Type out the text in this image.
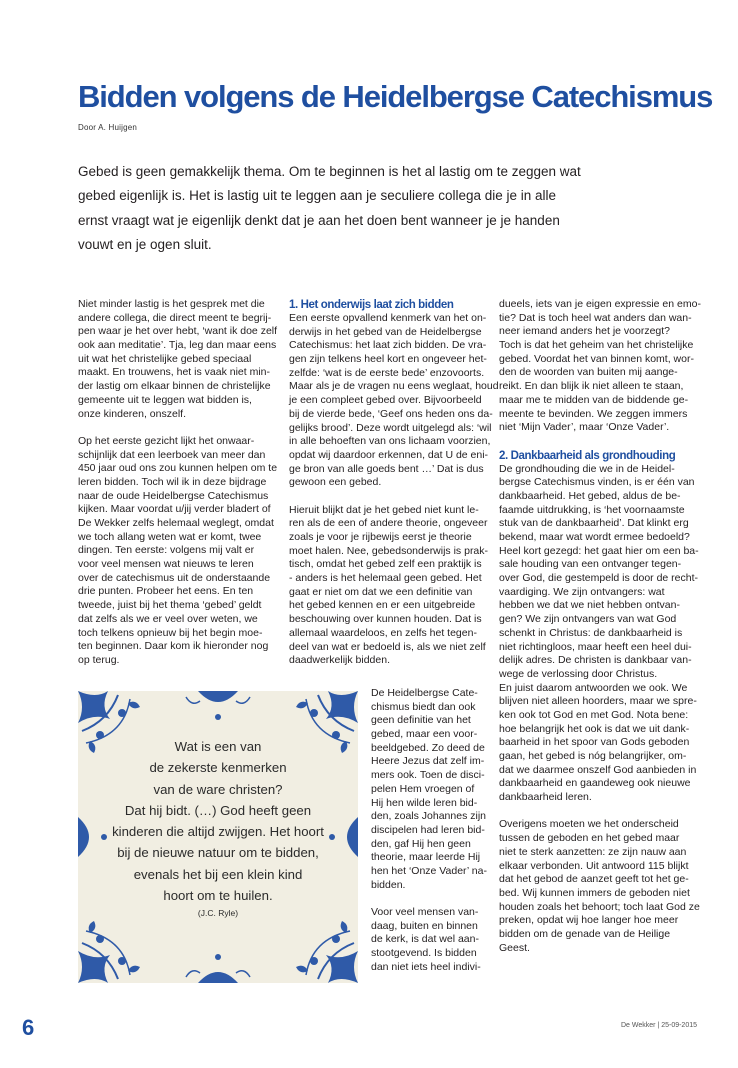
Bidden volgens de Heidelbergse Catechismus
Door A. Huijgen
Gebed is geen gemakkelijk thema. Om te beginnen is het al lastig om te zeggen wat
gebed eigenlijk is. Het is lastig uit te leggen aan je seculiere collega die je in alle
ernst vraagt wat je eigenlijk denkt dat je aan het doen bent wanneer je je handen
vouwt en je ogen sluit.
Niet minder lastig is het gesprek met die
andere collega, die direct meent te begrij-
pen waar je het over hebt, ‘want ik doe zelf
ook aan meditatie’. Tja, leg dan maar eens
uit wat het christelijke gebed speciaal
maakt. En trouwens, het is vaak niet min-
der lastig om elkaar binnen de christelijke
gemeente uit te leggen wat bidden is,
onze kinderen, onszelf.
Op het eerste gezicht lijkt het onwaar-
schijnlijk dat een leerboek van meer dan
450 jaar oud ons zou kunnen helpen om te
leren bidden. Toch wil ik in deze bijdrage
naar de oude Heidelbergse Catechismus
kijken. Maar voordat u/jij verder bladert of
De Wekker zelfs helemaal weglegt, omdat
we toch allang weten wat er komt, twee
dingen. Ten eerste: volgens mij valt er
voor veel mensen wat nieuws te leren
over de catechismus uit de onderstaande
drie punten. Probeer het eens. En ten
tweede, juist bij het thema ‘gebed’ geldt
dat zelfs als we er veel over weten, we
toch telkens opnieuw bij het begin moe-
ten beginnen. Daar kom ik hieronder nog
op terug.
1. Het onderwijs laat zich bidden
Een eerste opvallend kenmerk van het on-
derwijs in het gebed van de Heidelbergse
Catechismus: het laat zich bidden. De vra-
gen zijn telkens heel kort en ongeveer het-
zelfde: ‘wat is de eerste bede’ enzovoorts.
Maar als je de vragen nu eens weglaat, houd
je een compleet gebed over. Bijvoorbeeld
bij de vierde bede, ‘Geef ons heden ons da-
gelijks brood’. Deze wordt uitgelegd als: ‘wil
in alle behoeften van ons lichaam voorzien,
opdat wij daardoor erkennen, dat U de eni-
ge bron van alle goeds bent …’ Dat is dus
gewoon een gebed.
Hieruit blijkt dat je het gebed niet kunt le-
ren als de een of andere theorie, ongeveer
zoals je voor je rijbewijs eerst je theorie
moet halen. Nee, gebedsonderwijs is prak-
tisch, omdat het gebed zelf een praktijk is
- anders is het helemaal geen gebed. Het
gaat er niet om dat we een definitie van
het gebed kennen en er een uitgebreide
beschouwing over kunnen houden. Dat is
allemaal waardeloos, en zelfs het tegen-
deel van wat er bedoeld is, als we niet zelf
daadwerkelijk bidden.
De Heidelbergse Cate-
chismus biedt dan ook
geen definitie van het
gebed, maar een voor-
beeldgebed. Zo deed de
Heere Jezus dat zelf im-
mers ook. Toen de disci-
pelen Hem vroegen of
Hij hen wilde leren bid-
den, zoals Johannes zijn
discipelen had leren bid-
den, gaf Hij hen geen
theorie, maar leerde Hij
hen het ‘Onze Vader’ na-
bidden.
Voor veel mensen van-
daag, buiten en binnen
de kerk, is dat wel aan-
stootgevend. Is bidden
dan niet iets heel indivi-
dueels, iets van je eigen expressie en emo-
tie? Dat is toch heel wat anders dan wan-
neer iemand anders het je voorzegt?
Toch is dat het geheim van het christelijke
gebed. Voordat het van binnen komt, wor-
den de woorden van buiten mij aange-
reikt. En dan blijk ik niet alleen te staan,
maar me te midden van de biddende ge-
meente te bevinden. We zeggen immers
niet ‘Mijn Vader’, maar ‘Onze Vader’.
2. Dankbaarheid als grondhouding
De grondhouding die we in de Heidel-
bergse Catechismus vinden, is er één van
dankbaarheid. Het gebed, aldus de be-
faamde uitdrukking, is ‘het voornaamste
stuk van de dankbaarheid’. Dat klinkt erg
bekend, maar wat wordt ermee bedoeld?
Heel kort gezegd: het gaat hier om een ba-
sale houding van een ontvanger tegen-
over God, die gestempeld is door de recht-
vaardiging. We zijn ontvangers: wat
hebben we dat we niet hebben ontvan-
gen? We zijn ontvangers van wat God
schenkt in Christus: de dankbaarheid is
niet richtingloos, maar heeft een heel dui-
delijk adres. De christen is dankbaar van-
wege de verlossing door Christus.
En juist daarom antwoorden we ook. We
blijven niet alleen hoorders, maar we spre-
ken ook tot God en met God. Nota bene:
hoe belangrijk het ook is dat we uit dank-
baarheid in het spoor van Gods geboden
gaan, het gebed is nóg belangrijker, om-
dat we daarmee onszelf God aanbieden in
dankbaarheid en gaandeweg ook nieuwe
dankbaarheid leren.
Overigens moeten we het onderscheid
tussen de geboden en het gebed maar
niet te sterk aanzetten: ze zijn nauw aan
elkaar verbonden. Uit antwoord 115 blijkt
dat het gebod de aanzet geeft tot het ge-
bed. Wij kunnen immers de geboden niet
houden zoals het behoort; toch laat God ze
preken, opdat wij hoe langer hoe meer
bidden om de genade van de Heilige
Geest.
Wat is een van
de zekerste kenmerken
van de ware christen?
Dat hij bidt. (…) God heeft geen
kinderen die altijd zwijgen. Het hoort
bij de nieuwe natuur om te bidden,
evenals het bij een klein kind
hoort om te huilen.
(J.C. Ryle)
6	De Wekker | 25-09-2015
